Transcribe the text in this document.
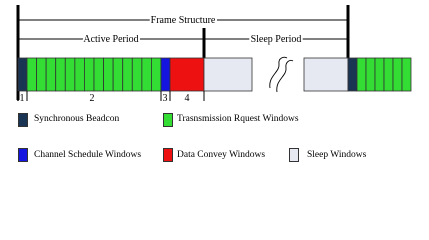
Frame Structure
Active Period	Sleep Period
1	2	3 4
Synchronous Beadcon	Trasnsmission Rquest Windows
Channel Schedule Windows	Data Convey Windows	Sleep Windows
